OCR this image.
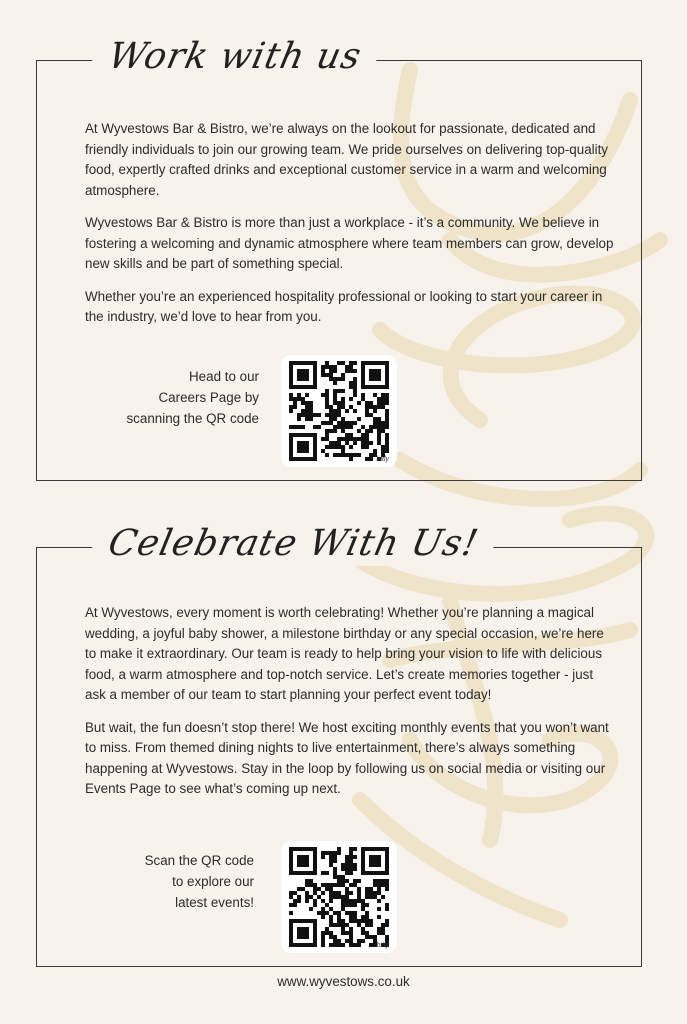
Work with us

At Wyvestows Bar & Bistro, we’re always on the lookout for passionate, dedicated and friendly individuals to join our growing team. We pride ourselves on delivering top-quality food, expertly crafted drinks and exceptional customer service in a warm and welcoming atmosphere.

Wyvestows Bar & Bistro is more than just a workplace - it’s a community. We believe in fostering a welcoming and dynamic atmosphere where team members can grow, develop new skills and be part of something special.

Whether you’re an experienced hospitality professional or looking to start your career in the industry, we’d love to hear from you.

Head to our
Careers Page by
scanning the QR code
bitly
Celebrate With Us!

At Wyvestows, every moment is worth celebrating! Whether you’re planning a magical wedding, a joyful baby shower, a milestone birthday or any special occasion, we’re here to make it extraordinary. Our team is ready to help bring your vision to life with delicious food, a warm atmosphere and top-notch service. Let’s create memories together - just ask a member of our team to start planning your perfect event today!

But wait, the fun doesn’t stop there! We host exciting monthly events that you won’t want to miss. From themed dining nights to live entertainment, there’s always something happening at Wyvestows. Stay in the loop by following us on social media or visiting our Events Page to see what’s coming up next.

Scan the QR code
to explore our
latest events!
bitly
www.wyvestows.co.uk
